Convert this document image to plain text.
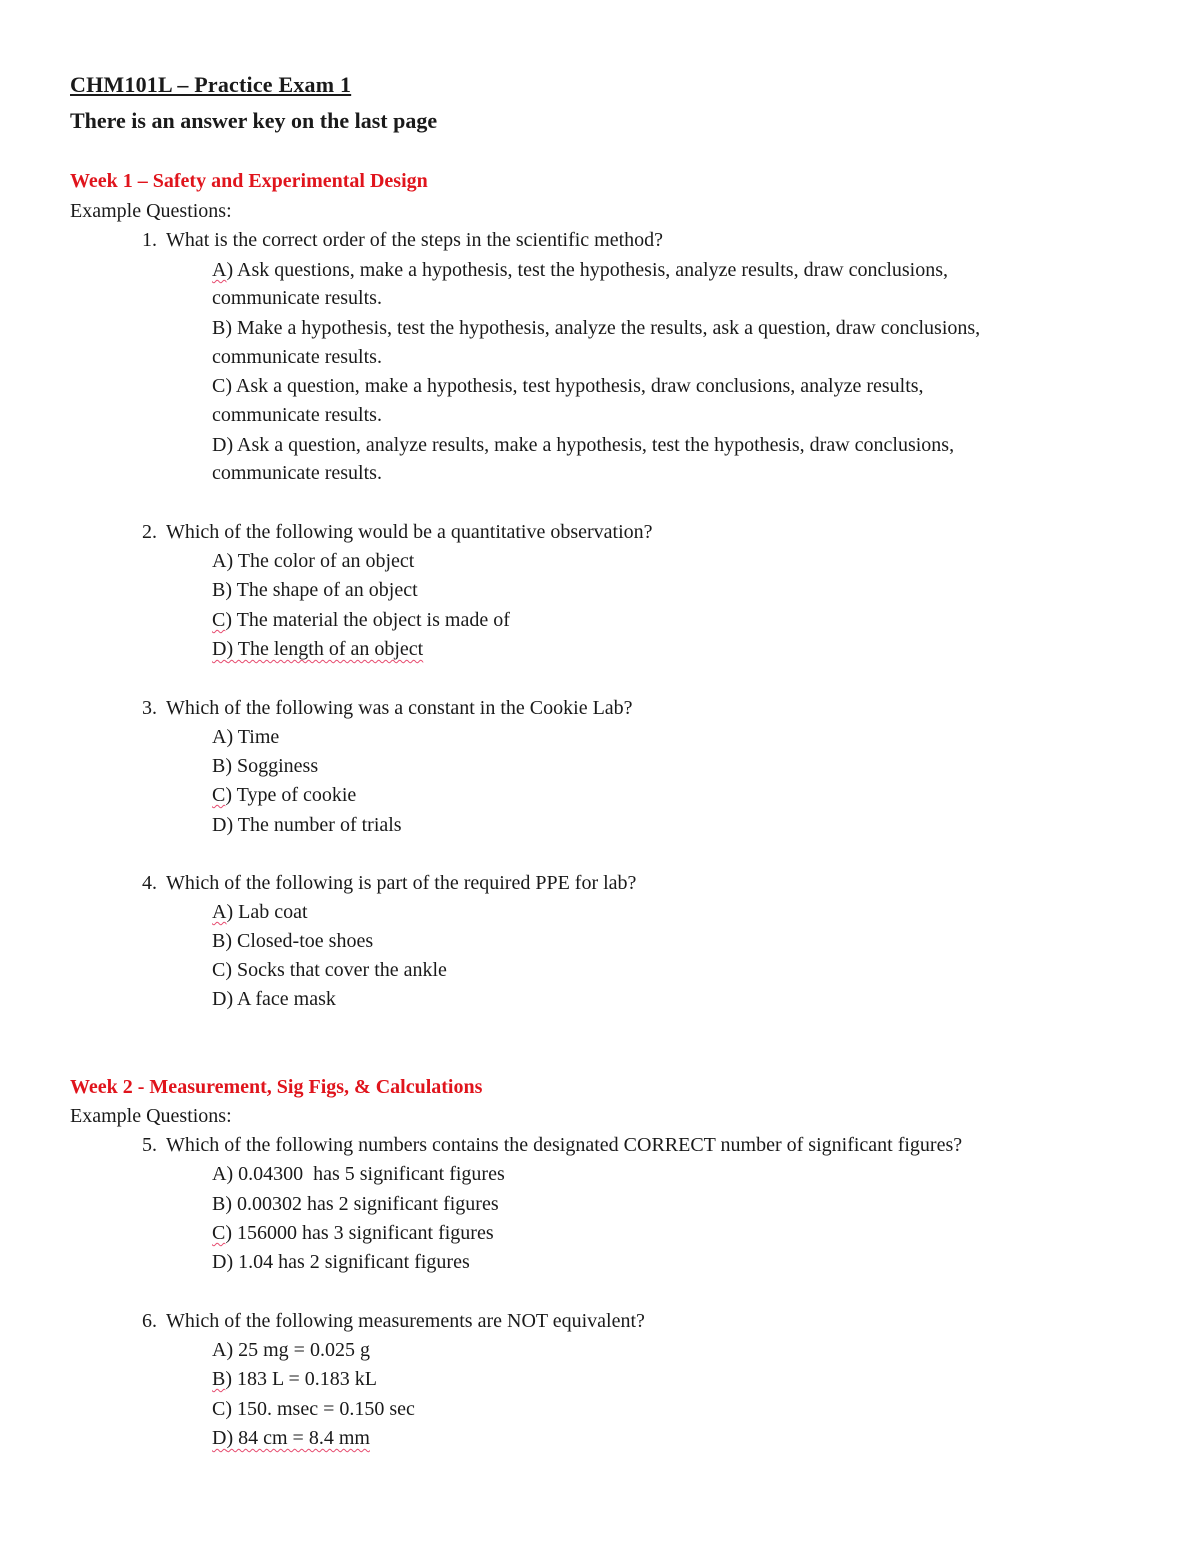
CHM101L – Practice Exam 1
There is an answer key on the last page
Week 1 – Safety and Experimental Design
Example Questions:
1. What is the correct order of the steps in the scientific method?
A) Ask questions, make a hypothesis, test the hypothesis, analyze results, draw conclusions,
communicate results.
B) Make a hypothesis, test the hypothesis, analyze the results, ask a question, draw conclusions,
communicate results.
C) Ask a question, make a hypothesis, test hypothesis, draw conclusions, analyze results,
communicate results.
D) Ask a question, analyze results, make a hypothesis, test the hypothesis, draw conclusions,
communicate results.
2. Which of the following would be a quantitative observation?
A) The color of an object
B) The shape of an object
C) The material the object is made of
D) The length of an object
3. Which of the following was a constant in the Cookie Lab?
A) Time
B) Sogginess
C) Type of cookie
D) The number of trials
4. Which of the following is part of the required PPE for lab?
A) Lab coat
B) Closed-toe shoes
C) Socks that cover the ankle
D) A face mask
Week 2 - Measurement, Sig Figs, & Calculations
Example Questions:
5. Which of the following numbers contains the designated CORRECT number of significant figures?
A) 0.04300  has 5 significant figures
B) 0.00302 has 2 significant figures
C) 156000 has 3 significant figures
D) 1.04 has 2 significant figures
6. Which of the following measurements are NOT equivalent?
A) 25 mg = 0.025 g
B) 183 L = 0.183 kL
C) 150. msec = 0.150 sec
D) 84 cm = 8.4 mm
